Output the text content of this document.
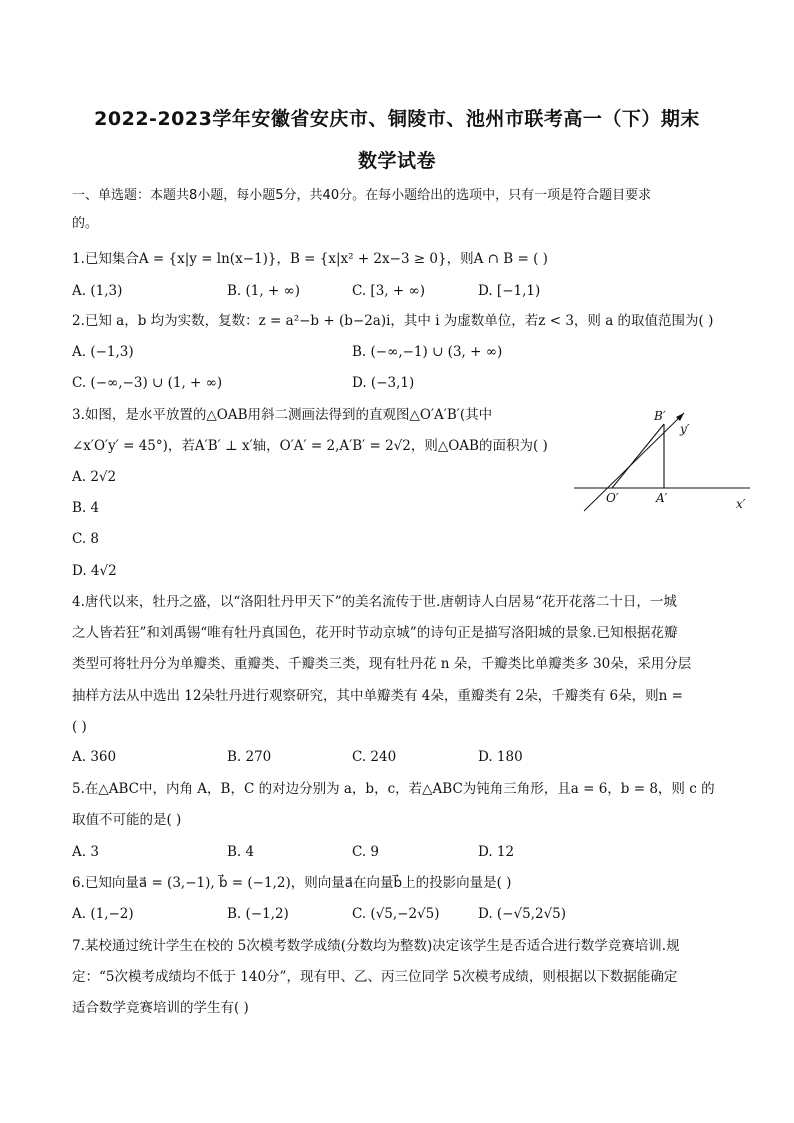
2022-2023学年安徽省安庆市、铜陵市、池州市联考高一（下）期末
数学试卷
一、单选题：本题共8小题，每小题5分，共40分。在每小题给出的选项中，只有一项是符合题目要求
的。
1.已知集合A = {x|y = ln(x−1)}，B = {x|x² + 2x−3 ≥ 0}，则A ∩ B = ( )
A. (1,3)	B. (1, + ∞)	C. [3, + ∞)	D. [−1,1)
2.已知 a，b 均为实数，复数：z = a²−b + (b−2a)i，其中 i 为虚数单位，若z < 3，则 a 的取值范围为( )
A. (−1,3)	B. (−∞,−1) ∪ (3, + ∞)
C. (−∞,−3) ∪ (1, + ∞)	D. (−3,1)
3.如图，是水平放置的△OAB用斜二测画法得到的直观图△O′A′B′(其中
∠x′O′y′ = 45°)，若A′B′ ⊥ x′轴，O′A′ = 2,A′B′ = 2√2，则△OAB的面积为( )
A. 2√2
B. 4
C. 8
D. 4√2
B′
y′
O′	A′	x′
4.唐代以来，牡丹之盛，以“洛阳牡丹甲天下”的美名流传于世.唐朝诗人白居易“花开花落二十日，一城
之人皆若狂”和刘禹锡“唯有牡丹真国色，花开时节动京城”的诗句正是描写洛阳城的景象.已知根据花瓣
类型可将牡丹分为单瓣类、重瓣类、千瓣类三类，现有牡丹花 n 朵，千瓣类比单瓣类多 30朵，采用分层
抽样方法从中选出 12朵牡丹进行观察研究，其中单瓣类有 4朵，重瓣类有 2朵，千瓣类有 6朵，则n =
( )
A. 360	B. 270	C. 240	D. 180
5.在△ABC中，内角 A，B，C 的对边分别为 a，b，c，若△ABC为钝角三角形，且a = 6，b = 8，则 c 的
取值不可能的是( )
A. 3	B. 4	C. 9	D. 12
6.已知向量a⃗ = (3,−1), b⃗ = (−1,2)，则向量a⃗在向量b⃗上的投影向量是( )
A. (1,−2)	B. (−1,2)	C. (√5,−2√5)	D. (−√5,2√5)
7.某校通过统计学生在校的 5次模考数学成绩(分数均为整数)决定该学生是否适合进行数学竞赛培训.规
定：“5次模考成绩均不低于 140分”，现有甲、乙、丙三位同学 5次模考成绩，则根据以下数据能确定
适合数学竞赛培训的学生有( )
